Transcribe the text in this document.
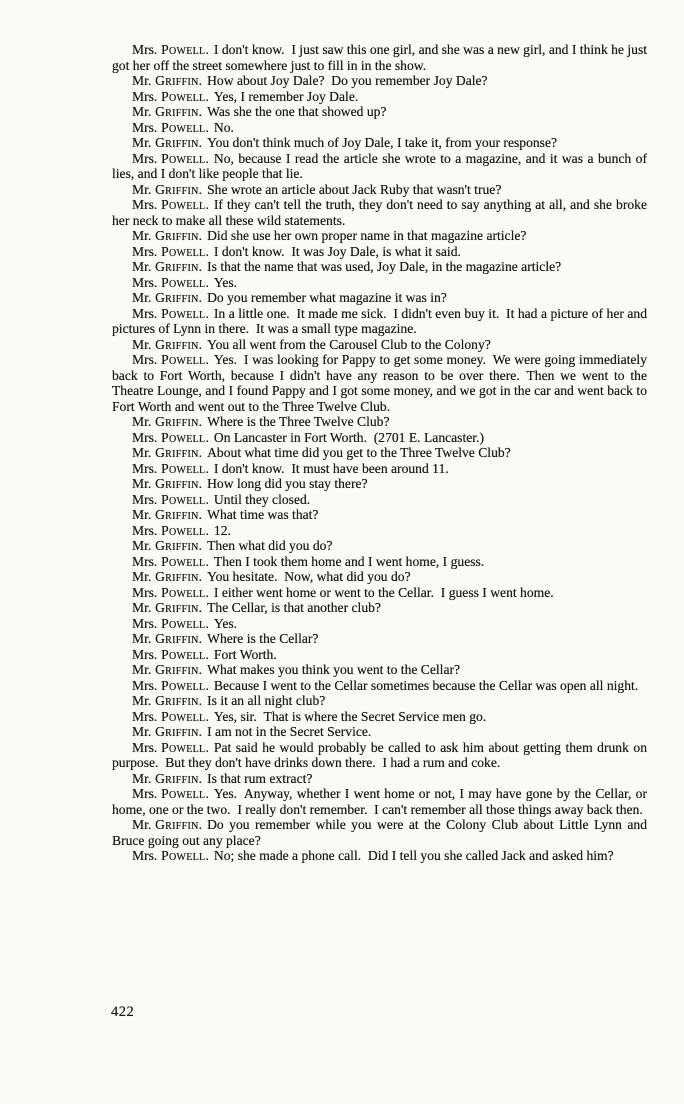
Mrs. Powell. I don't know. I just saw this one girl, and she was a new girl, and I think he just got her off the street somewhere just to fill in in the show.

Mr. Griffin. How about Joy Dale? Do you remember Joy Dale?

Mrs. Powell. Yes, I remember Joy Dale.

Mr. Griffin. Was she the one that showed up?

Mrs. Powell. No.

Mr. Griffin. You don't think much of Joy Dale, I take it, from your response?

Mrs. Powell. No, because I read the article she wrote to a magazine, and it was a bunch of lies, and I don't like people that lie.

Mr. Griffin. She wrote an article about Jack Ruby that wasn't true?

Mrs. Powell. If they can't tell the truth, they don't need to say anything at all, and she broke her neck to make all these wild statements.

Mr. Griffin. Did she use her own proper name in that magazine article?

Mrs. Powell. I don't know. It was Joy Dale, is what it said.

Mr. Griffin. Is that the name that was used, Joy Dale, in the magazine article?

Mrs. Powell. Yes.

Mr. Griffin. Do you remember what magazine it was in?

Mrs. Powell. In a little one. It made me sick. I didn't even buy it. It had a picture of her and pictures of Lynn in there. It was a small type magazine.

Mr. Griffin. You all went from the Carousel Club to the Colony?

Mrs. Powell. Yes. I was looking for Pappy to get some money. We were going immediately back to Fort Worth, because I didn't have any reason to be over there. Then we went to the Theatre Lounge, and I found Pappy and I got some money, and we got in the car and went back to Fort Worth and went out to the Three Twelve Club.

Mr. Griffin. Where is the Three Twelve Club?

Mrs. Powell. On Lancaster in Fort Worth. (2701 E. Lancaster.)

Mr. Griffin. About what time did you get to the Three Twelve Club?

Mrs. Powell. I don't know. It must have been around 11.

Mr. Griffin. How long did you stay there?

Mrs. Powell. Until they closed.

Mr. Griffin. What time was that?

Mrs. Powell. 12.

Mr. Griffin. Then what did you do?

Mrs. Powell. Then I took them home and I went home, I guess.

Mr. Griffin. You hesitate. Now, what did you do?

Mrs. Powell. I either went home or went to the Cellar. I guess I went home.

Mr. Griffin. The Cellar, is that another club?

Mrs. Powell. Yes.

Mr. Griffin. Where is the Cellar?

Mrs. Powell. Fort Worth.

Mr. Griffin. What makes you think you went to the Cellar?

Mrs. Powell. Because I went to the Cellar sometimes because the Cellar was open all night.

Mr. Griffin. Is it an all night club?

Mrs. Powell. Yes, sir. That is where the Secret Service men go.

Mr. Griffin. I am not in the Secret Service.

Mrs. Powell. Pat said he would probably be called to ask him about getting them drunk on purpose. But they don't have drinks down there. I had a rum and coke.

Mr. Griffin. Is that rum extract?

Mrs. Powell. Yes. Anyway, whether I went home or not, I may have gone by the Cellar, or home, one or the two. I really don't remember. I can't remember all those things away back then.

Mr. Griffin. Do you remember while you were at the Colony Club about Little Lynn and Bruce going out any place?

Mrs. Powell. No; she made a phone call. Did I tell you she called Jack and asked him?

422
